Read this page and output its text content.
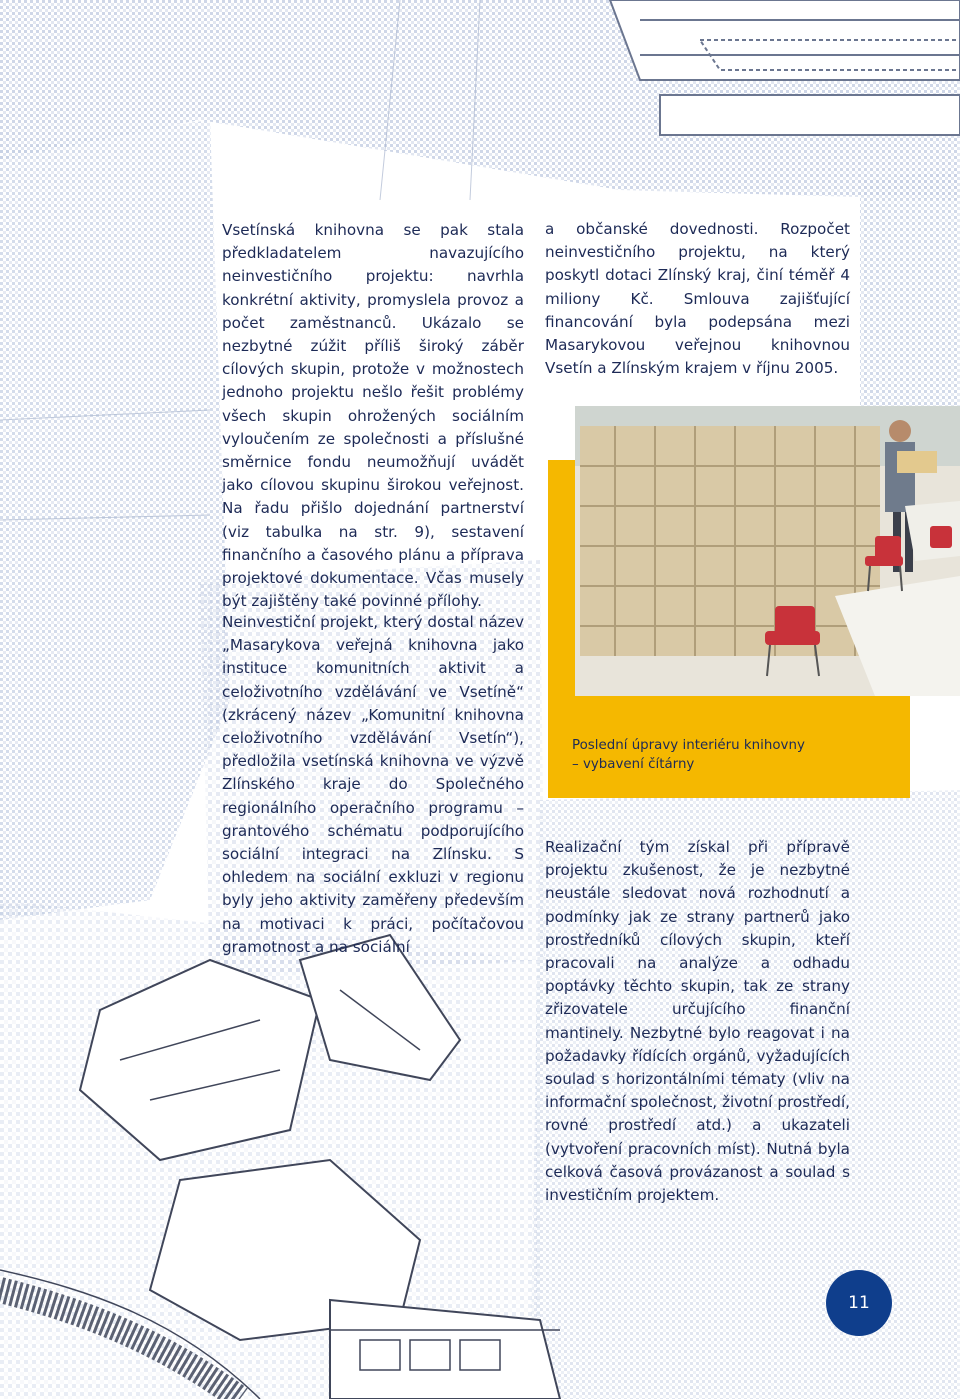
Vsetínská knihovna se pak stala předkladatelem navazujícího neinvestičního projektu: navrhla konkrétní aktivity, promyslela provoz a počet zaměstnanců. Ukázalo se nezbytné zúžit příliš široký záběr cílových skupin, protože v možnostech jednoho projektu nešlo řešit problémy všech skupin ohrožených sociálním vyloučením ze společnosti a příslušné směrnice fondu neumožňují uvádět jako cílovou skupinu širokou veřejnost. Na řadu přišlo dojednání partnerství (viz tabulka na str. 9), sestavení finančního a časového plánu a příprava projektové dokumentace. Včas musely být zajištěny také povinné přílohy.

Neinvestiční projekt, který dostal název „Masarykova veřejná knihovna jako instituce komunitních aktivit a celoživotního vzdělávání ve Vsetíně“ (zkrácený název „Komunitní knihovna celoživotního vzdělávání Vsetín“), předložila vsetínská knihovna ve výzvě Zlínského kraje do Společného regionálního operačního programu – grantového schématu podporujícího sociální integraci na Zlínsku. S ohledem na sociální exkluzi v regionu byly jeho aktivity zaměřeny především na motivaci k práci, počítačovou gramotnost a na sociální

a občanské dovednosti. Rozpočet neinvestičního projektu, na který poskytl dotaci Zlínský kraj, činí téměř 4 miliony Kč. Smlouva zajišťující financování byla podepsána mezi Masarykovou veřejnou knihovnou Vsetín a Zlínským krajem v říjnu 2005.

Poslední úpravy interiéru knihovny

– vybavení čítárny

Realizační tým získal při přípravě projektu zkušenost, že je nezbytné neustále sledovat nová rozhodnutí a podmínky jak ze strany partnerů jako prostředníků cílových skupin, kteří pracovali na analýze a odhadu poptávky těchto skupin, tak ze strany zřizovatele určujícího finanční mantinely. Nezbytné bylo reagovat i na požadavky řídících orgánů, vyžadujících soulad s horizontálními tématy (vliv na informační společnost, životní prostředí, rovné prostředí atd.) a ukazateli (vytvoření pracovních míst). Nutná byla celková časová provázanost a soulad s investičním projektem.

11
